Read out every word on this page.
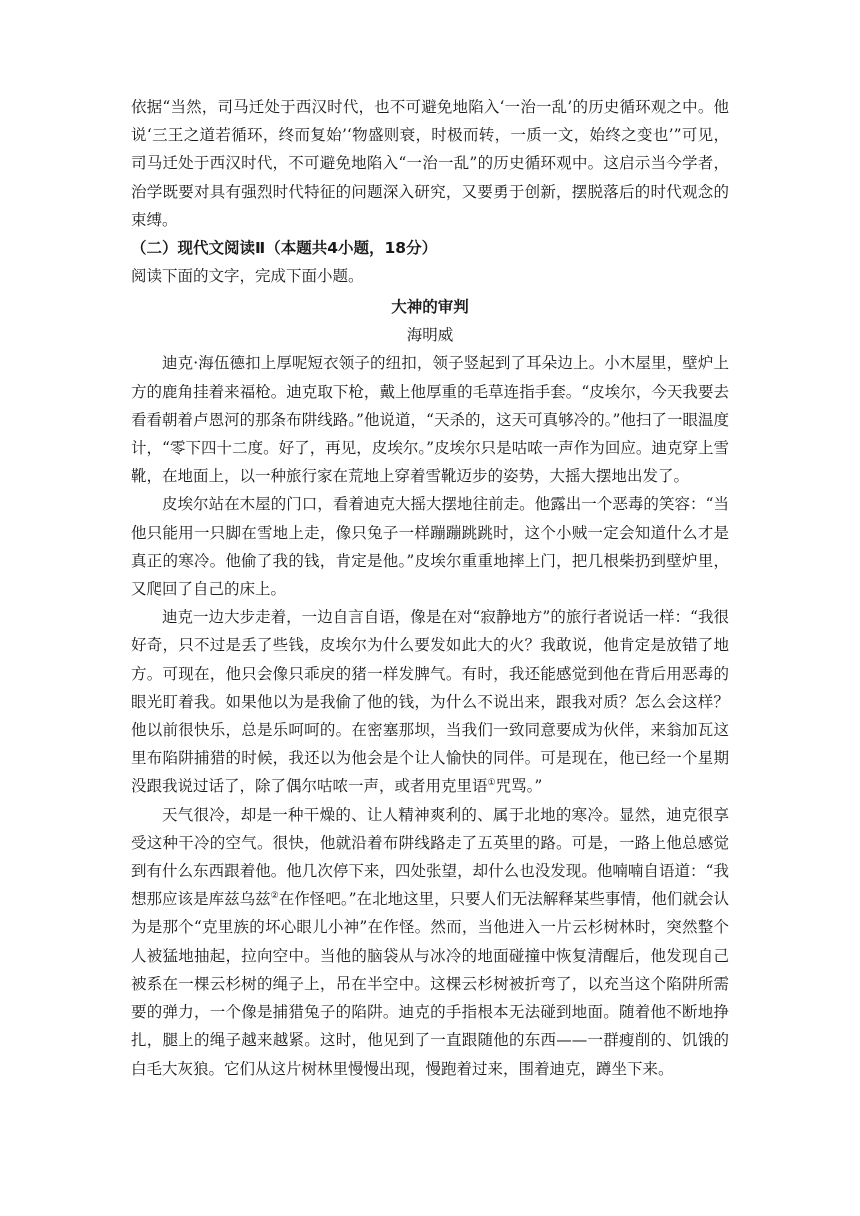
依据“当然，司马迁处于西汉时代，也不可避免地陷入‘一治一乱’的历史循环观之中。他说‘三王之道若循环，终而复始’‘物盛则衰，时极而转，一质一文，始终之变也’”可见，司马迁处于西汉时代，不可避免地陷入“一治一乱”的历史循环观中。这启示当今学者，治学既要对具有强烈时代特征的问题深入研究，又要勇于创新，摆脱落后的时代观念的束缚。

（二）现代文阅读Ⅱ（本题共4小题，18分）

阅读下面的文字，完成下面小题。

大神的审判

海明威

迪克·海伍德扣上厚呢短衣领子的纽扣，领子竖起到了耳朵边上。小木屋里，壁炉上方的鹿角挂着来福枪。迪克取下枪，戴上他厚重的毛草连指手套。“皮埃尔，今天我要去看看朝着卢恩河的那条布阱线路。”他说道，“天杀的，这天可真够冷的。”他扫了一眼温度计，“零下四十二度。好了，再见，皮埃尔。”皮埃尔只是咕哝一声作为回应。迪克穿上雪靴，在地面上，以一种旅行家在荒地上穿着雪靴迈步的姿势，大摇大摆地出发了。

皮埃尔站在木屋的门口，看着迪克大摇大摆地往前走。他露出一个恶毒的笑容：“当他只能用一只脚在雪地上走，像只兔子一样蹦蹦跳跳时，这个小贼一定会知道什么才是真正的寒冷。他偷了我的钱，肯定是他。”皮埃尔重重地摔上门，把几根柴扔到壁炉里，又爬回了自己的床上。

迪克一边大步走着，一边自言自语，像是在对“寂静地方”的旅行者说话一样：“我很好奇，只不过是丢了些钱，皮埃尔为什么要发如此大的火？我敢说，他肯定是放错了地方。可现在，他只会像只乖戾的猪一样发脾气。有时，我还能感觉到他在背后用恶毒的眼光盯着我。如果他以为是我偷了他的钱，为什么不说出来，跟我对质？怎么会这样？他以前很快乐，总是乐呵呵的。在密塞那坝，当我们一致同意要成为伙伴，来翁加瓦这里布陷阱捕猎的时候，我还以为他会是个让人愉快的同伴。可是现在，他已经一个星期没跟我说过话了，除了偶尔咕哝一声，或者用克里语①咒骂。”

天气很冷，却是一种干燥的、让人精神爽利的、属于北地的寒冷。显然，迪克很享受这种干冷的空气。很快，他就沿着布阱线路走了五英里的路。可是，一路上他总感觉到有什么东西跟着他。他几次停下来，四处张望，却什么也没发现。他喃喃自语道：“我想那应该是库兹乌兹②在作怪吧。”在北地这里，只要人们无法解释某些事情，他们就会认为是那个“克里族的坏心眼儿小神”在作怪。然而，当他进入一片云杉树林时，突然整个人被猛地抽起，拉向空中。当他的脑袋从与冰冷的地面碰撞中恢复清醒后，他发现自己被系在一棵云杉树的绳子上，吊在半空中。这棵云杉树被折弯了，以充当这个陷阱所需要的弹力，一个像是捕猎兔子的陷阱。迪克的手指根本无法碰到地面。随着他不断地挣扎，腿上的绳子越来越紧。这时，他见到了一直跟随他的东西——一群瘦削的、饥饿的白毛大灰狼。它们从这片树林里慢慢出现，慢跑着过来，围着迪克，蹲坐下来。
